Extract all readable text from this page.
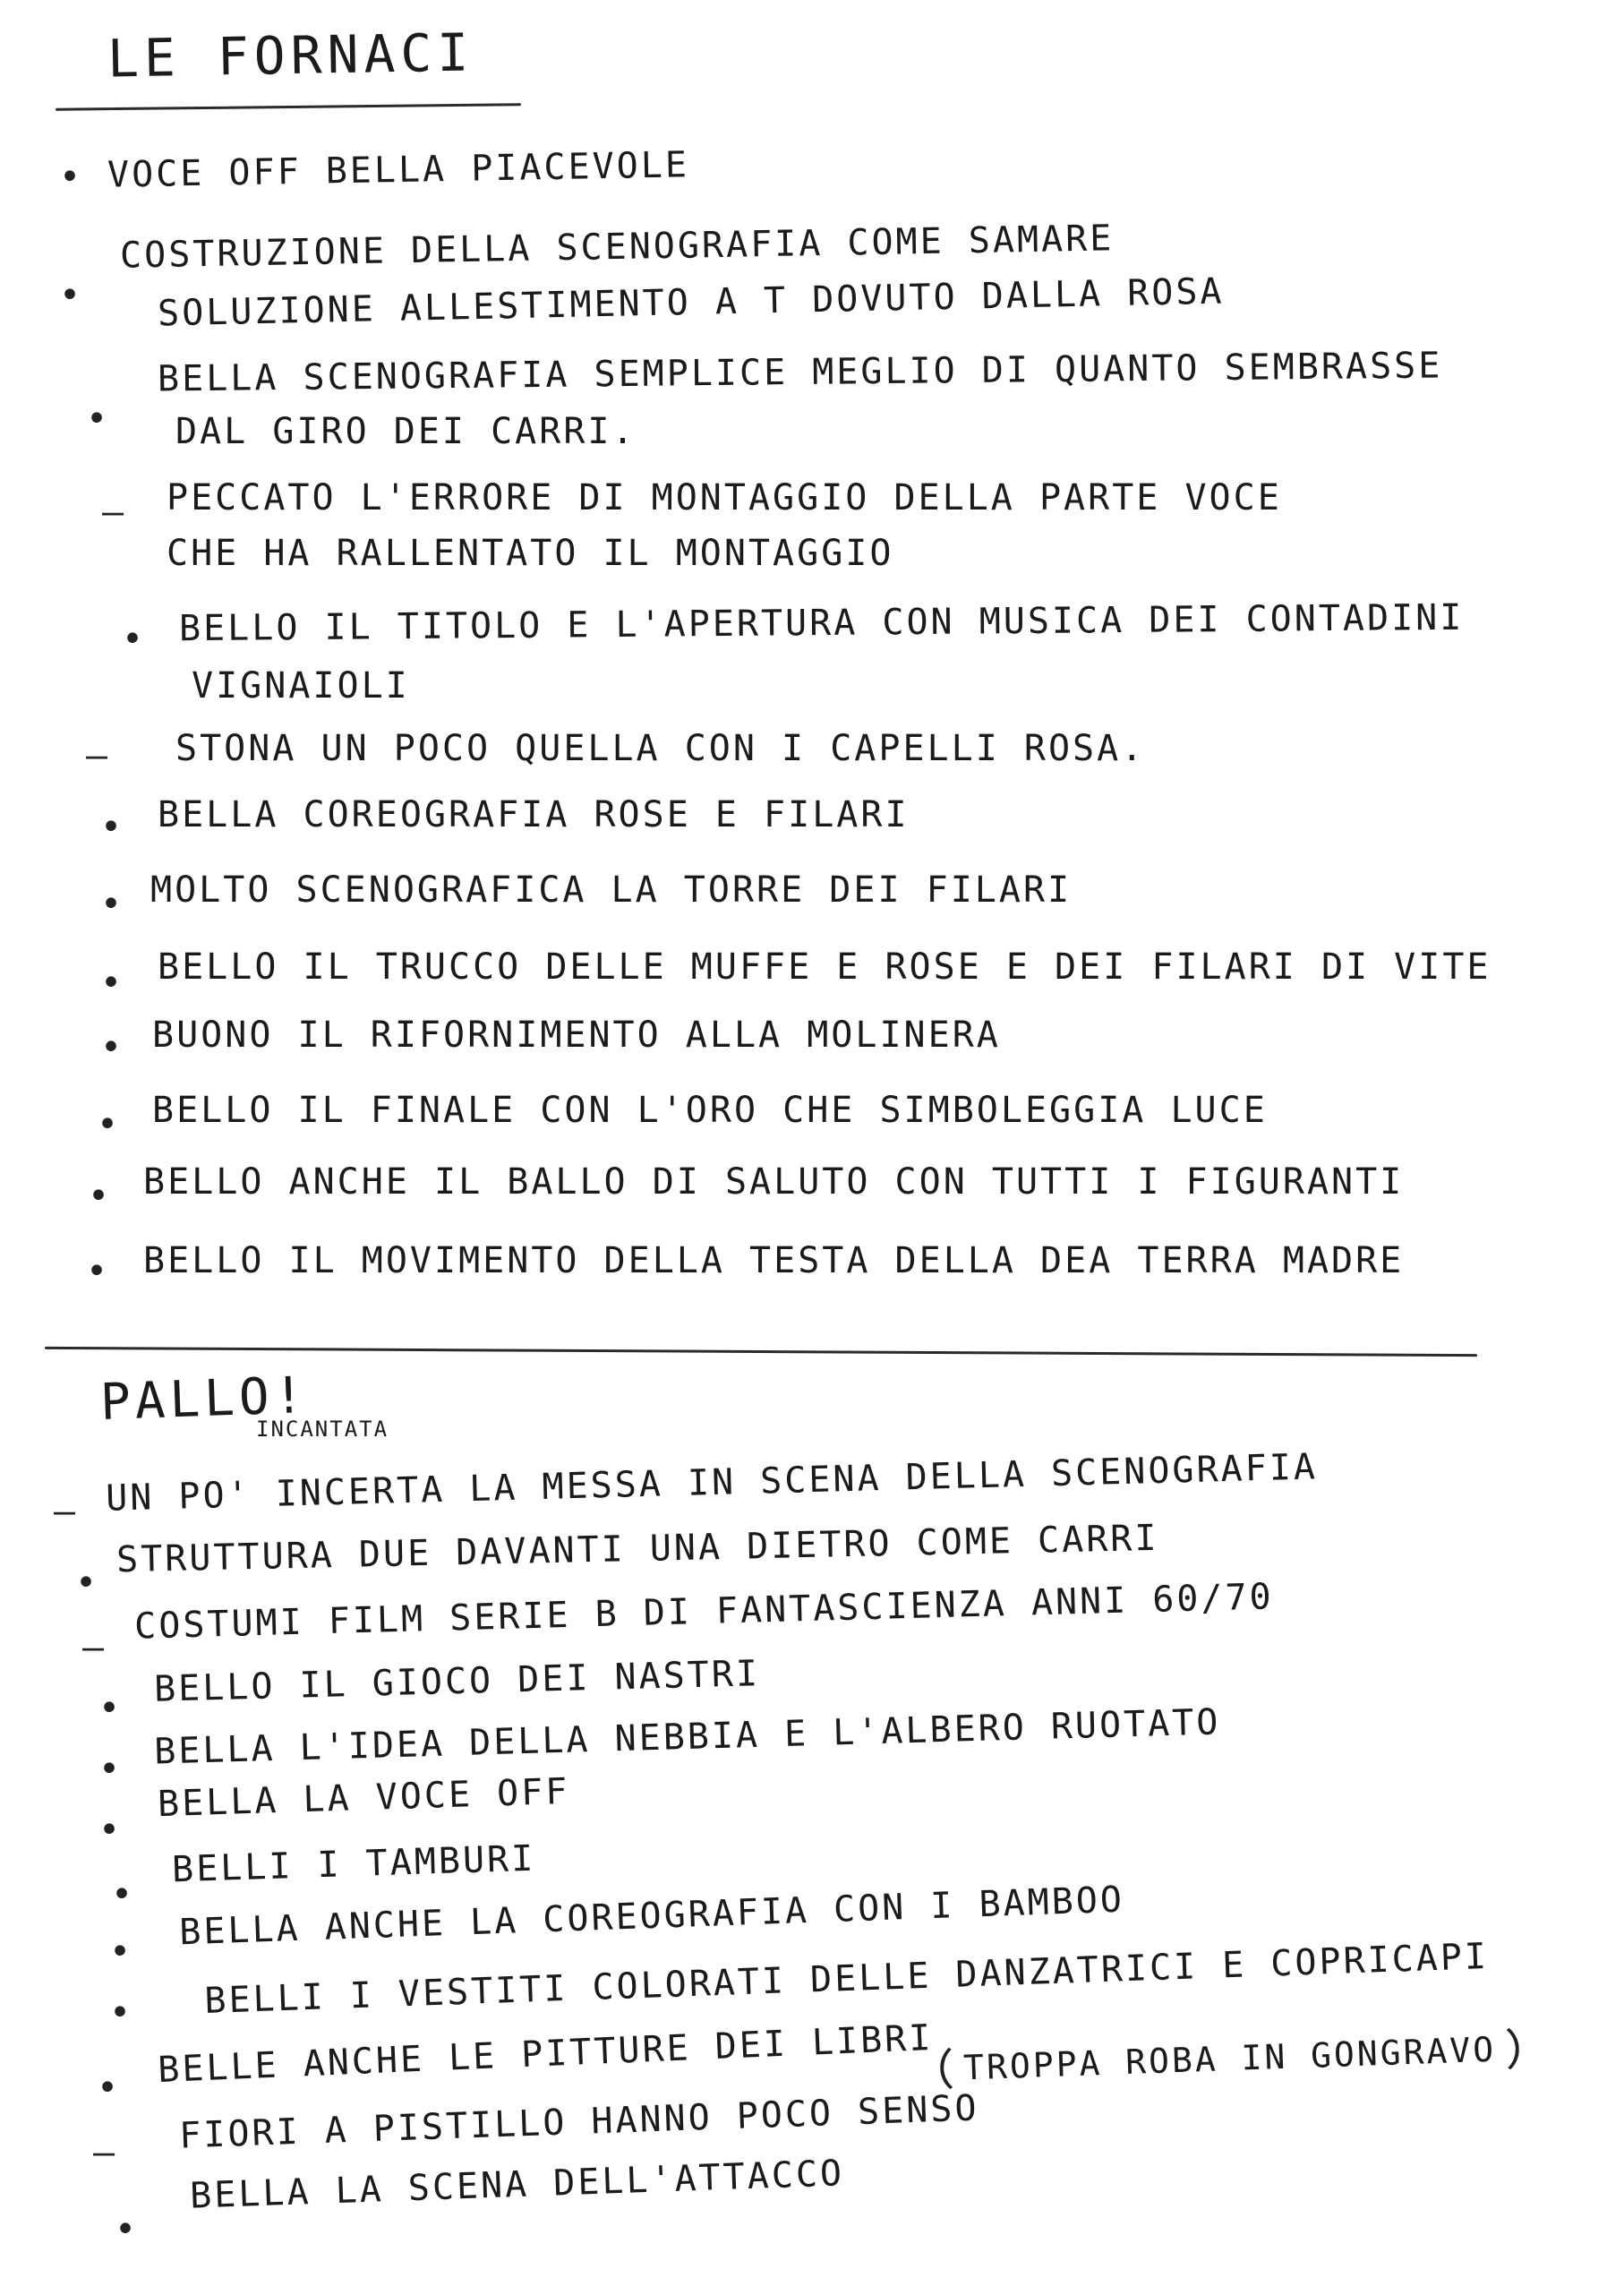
LE FORNACI
• VOCE OFF BELLA PIACEVOLE
•
COSTRUZIONE DELLA SCENOGRAFIA COME SAMARE
SOLUZIONE ALLESTIMENTO A T DOVUTO DALLA ROSA
•
BELLA SCENOGRAFIA SEMPLICE MEGLIO DI QUANTO SEMBRASSE
DAL GIRO DEI CARRI.
– PECCATO L'ERRORE DI MONTAGGIO DELLA PARTE VOCE
CHE HA RALLENTATO IL MONTAGGIO
• BELLO IL TITOLO E L'APERTURA CON MUSICA DEI CONTADINI
VIGNAIOLI
– STONA UN POCO QUELLA CON I CAPELLI ROSA.
• BELLA COREOGRAFIA ROSE E FILARI
• MOLTO SCENOGRAFICA LA TORRE DEI FILARI
• BELLO IL TRUCCO DELLE MUFFE E ROSE E DEI FILARI DI VITE
• BUONO IL RIFORNIMENTO ALLA MOLINERA
• BELLO IL FINALE CON L'ORO CHE SIMBOLEGGIA LUCE
• BELLO ANCHE IL BALLO DI SALUTO CON TUTTI I FIGURANTI
• BELLO IL MOVIMENTO DELLA TESTA DELLA DEA TERRA MADRE
PALLO!
INCANTATA
– UN PO' INCERTA LA MESSA IN SCENA DELLA SCENOGRAFIA
•
STRUTTURA DUE DAVANTI UNA DIETRO COME CARRI
–
COSTUMI FILM SERIE B DI FANTASCIENZA ANNI 60/70
• BELLO IL GIOCO DEI NASTRI
• BELLA L'IDEA DELLA NEBBIA E L'ALBERO RUOTATO
•
BELLA LA VOCE OFF
•
BELLI I TAMBURI
• BELLA ANCHE LA COREOGRAFIA CON I BAMBOO
• BELLI I VESTITI COLORATI DELLE DANZATRICI E COPRICAPI
• BELLE ANCHE LE PITTURE DEI LIBRI
– FIORI A PISTILLO HANNO POCO SENSO
TROPPA ROBA IN GONGRAVO
•
BELLA LA SCENA DELL'ATTACCO
